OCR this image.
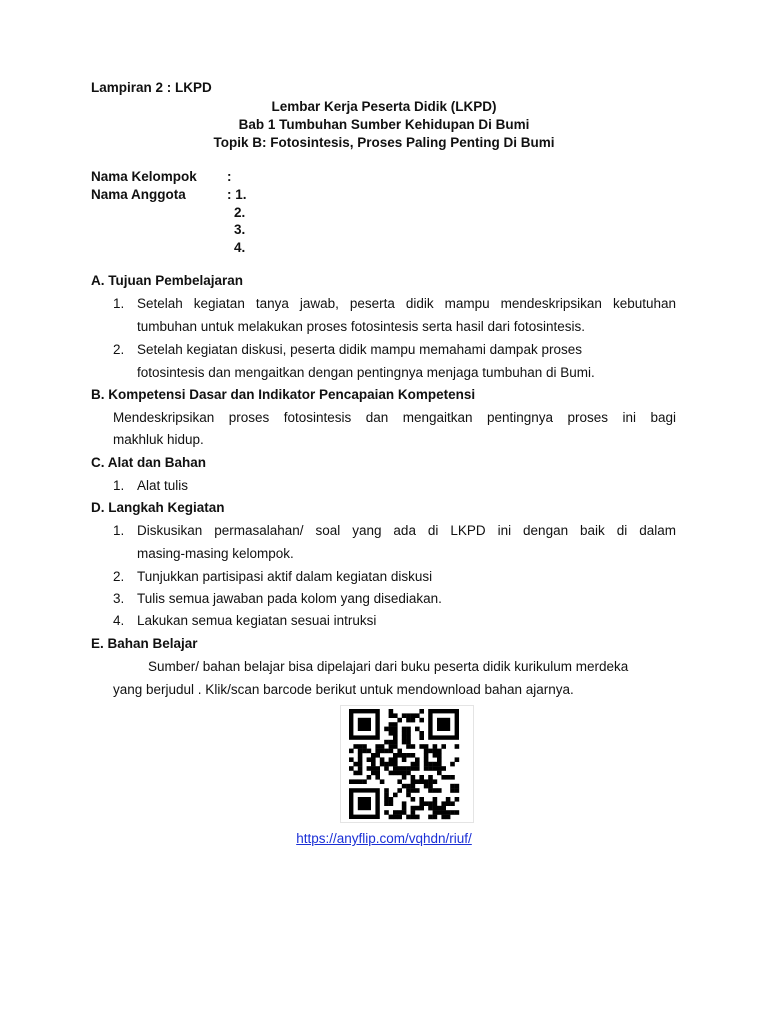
Lampiran 2 : LKPD
Lembar Kerja Peserta Didik (LKPD)
Bab 1 Tumbuhan Sumber Kehidupan Di Bumi
Topik B: Fotosintesis, Proses Paling Penting Di Bumi
Nama Kelompok :
Nama Anggota	: 1.
2.
3.
4.
A. Tujuan Pembelajaran
1. Setelah kegiatan tanya jawab, peserta didik mampu mendeskripsikan kebutuhan
tumbuhan untuk melakukan proses fotosintesis serta hasil dari fotosintesis.
2. Setelah kegiatan diskusi, peserta didik mampu memahami dampak proses
fotosintesis dan mengaitkan dengan pentingnya menjaga tumbuhan di Bumi.
B. Kompetensi Dasar dan Indikator Pencapaian Kompetensi
Mendeskripsikan proses fotosintesis dan mengaitkan pentingnya proses ini bagi
makhluk hidup.
C. Alat dan Bahan
1. Alat tulis
D. Langkah Kegiatan
1. Diskusikan permasalahan/ soal yang ada di LKPD ini dengan baik di dalam
masing-masing kelompok.
2. Tunjukkan partisipasi aktif dalam kegiatan diskusi
3. Tulis semua jawaban pada kolom yang disediakan.
4. Lakukan semua kegiatan sesuai intruksi
E. Bahan Belajar
Sumber/ bahan belajar bisa dipelajari dari buku peserta didik kurikulum merdeka
yang berjudul . Klik/scan barcode berikut untuk mendownload bahan ajarnya.
https://anyflip.com/vqhdn/riuf/
